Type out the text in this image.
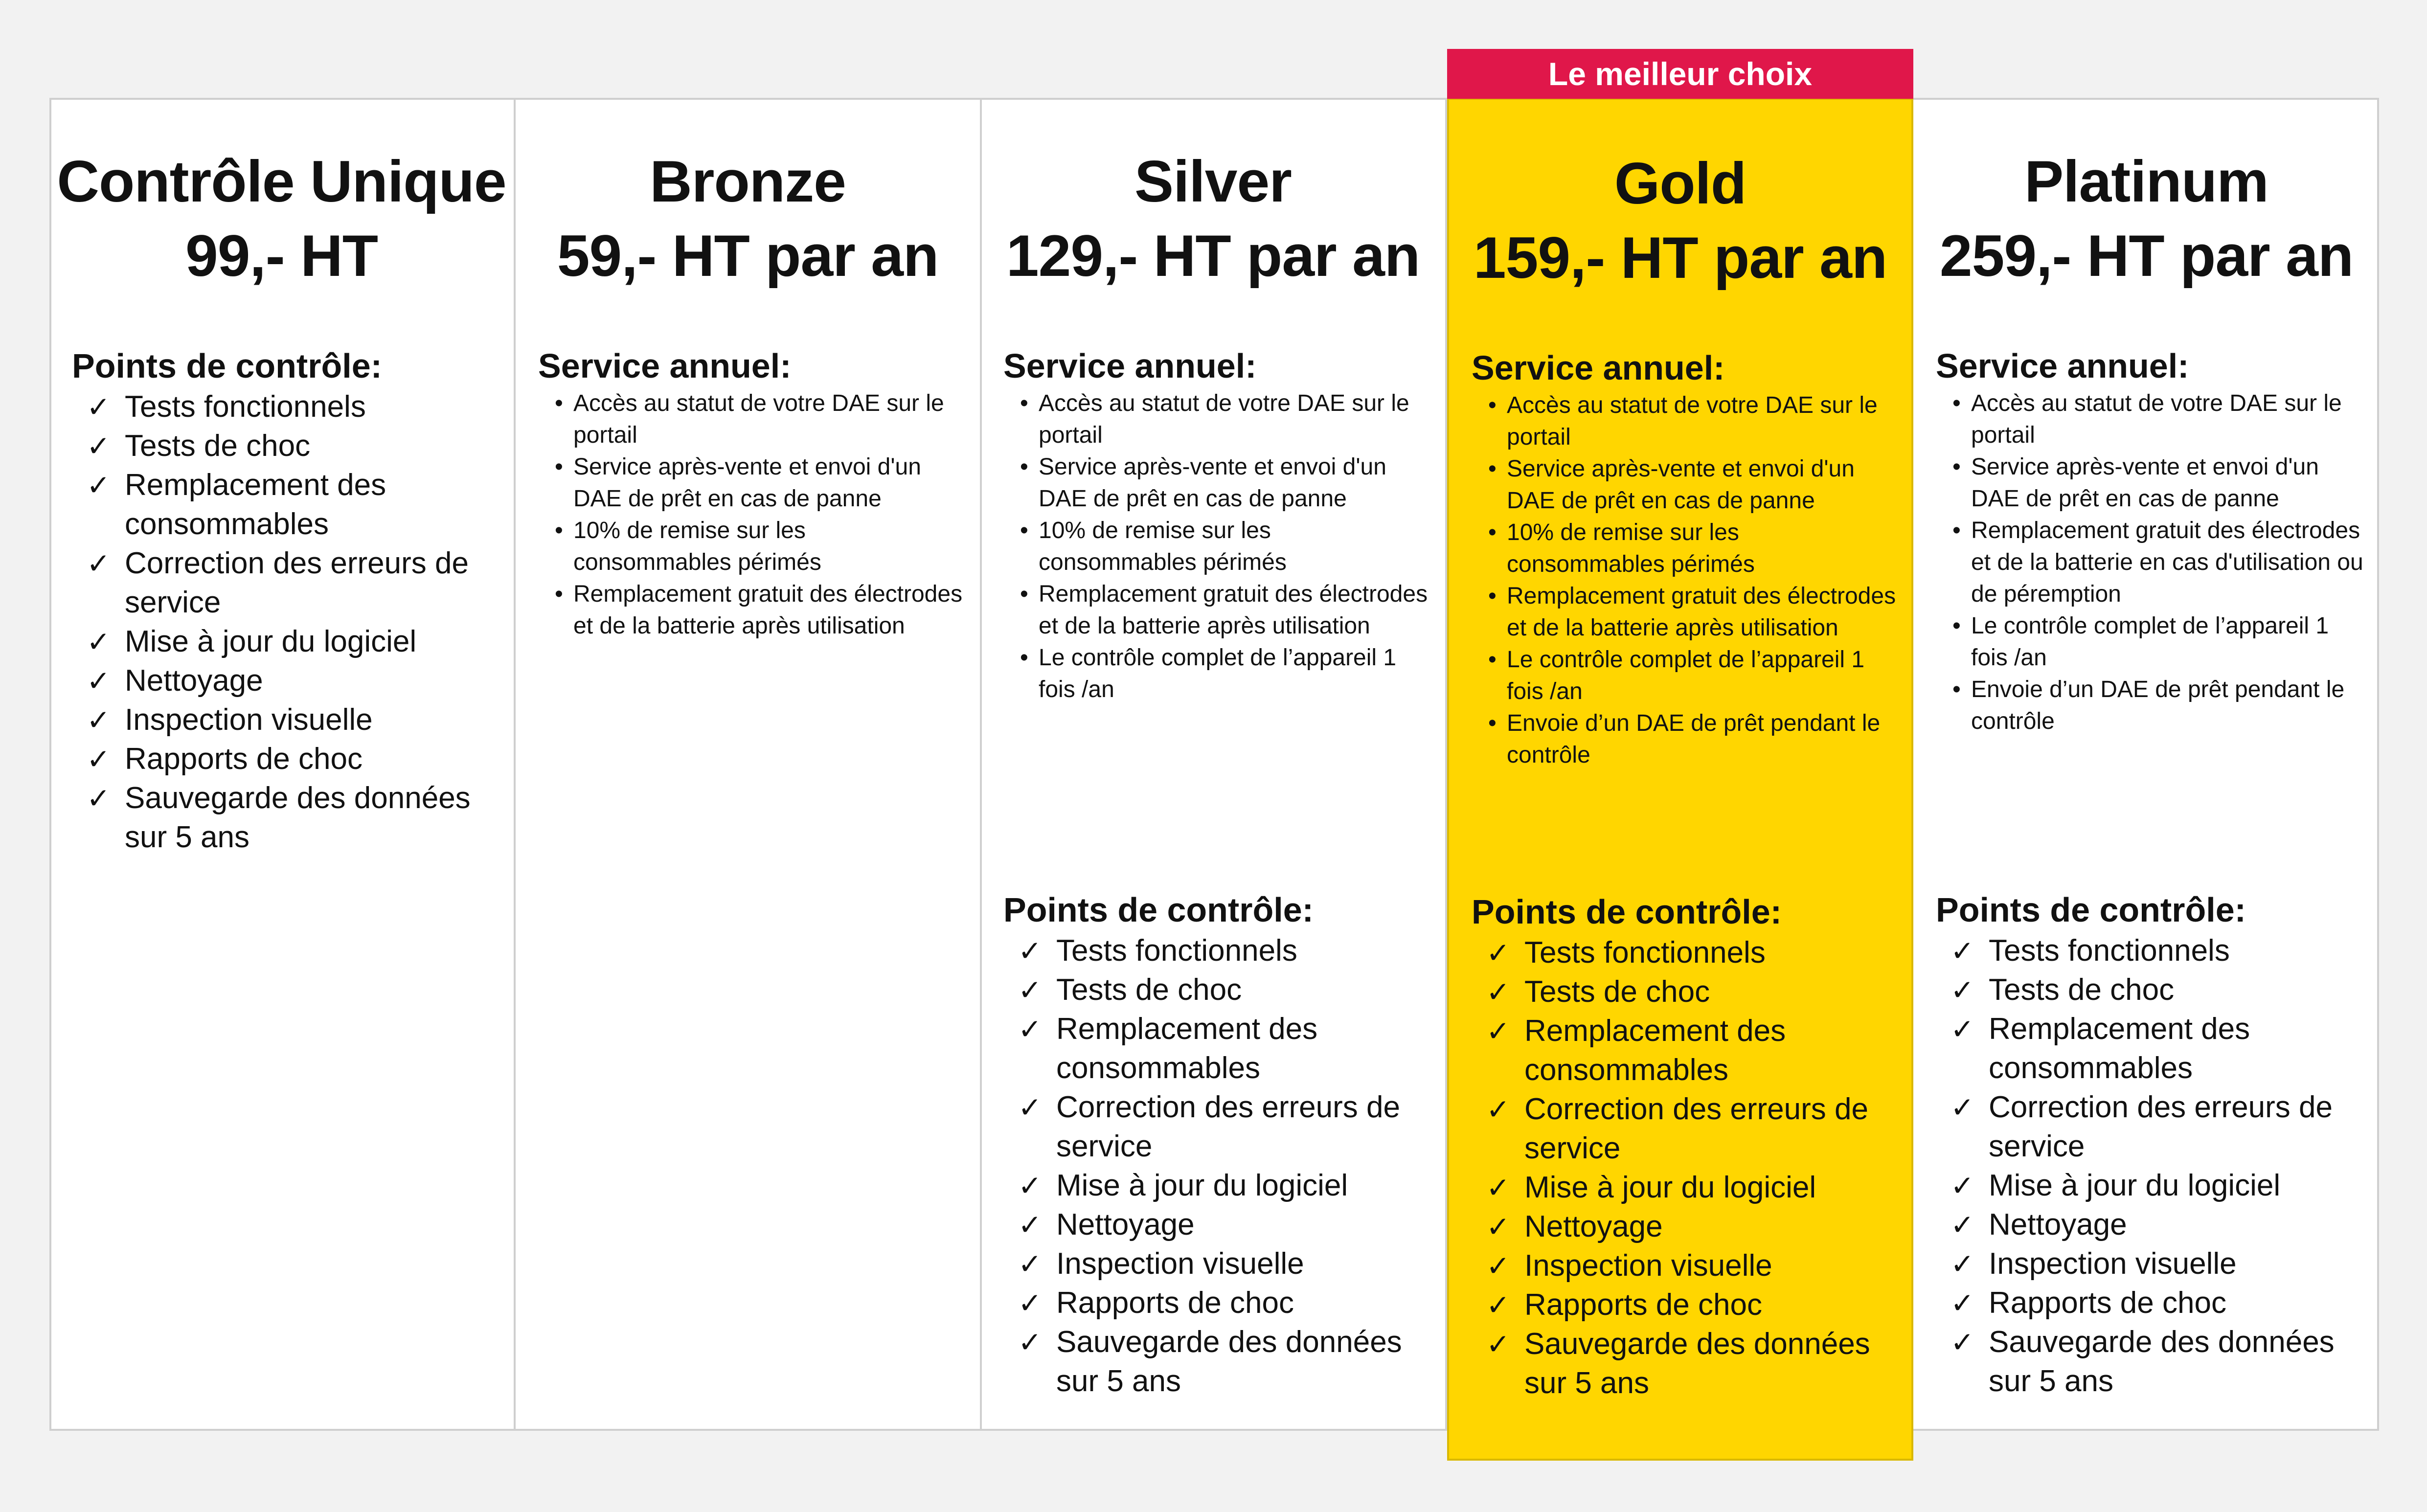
Contrôle Unique
99,- HT

Points de contrôle:

✓ Tests fonctionnels
✓ Tests de choc
✓ Remplacement des consommables
✓ Correction des erreurs de service
✓ Mise à jour du logiciel
✓ Nettoyage
✓ Inspection visuelle
✓ Rapports de choc
✓ Sauvegarde des données sur 5 ans
Bronze
59,- HT par an

Service annuel:

• Accès au statut de votre DAE sur le portail
• Service après-vente et envoi d'un DAE de prêt en cas de panne
• 10% de remise sur les consommables périmés
• Remplacement gratuit des électrodes et de la batterie après utilisation
Silver
129,- HT par an

Service annuel:

• Accès au statut de votre DAE sur le portail
• Service après-vente et envoi d'un DAE de prêt en cas de panne
• 10% de remise sur les consommables périmés
• Remplacement gratuit des électrodes et de la batterie après utilisation
• Le contrôle complet de l’appareil 1 fois /an

Points de contrôle:

✓ Tests fonctionnels
✓ Tests de choc
✓ Remplacement des consommables
✓ Correction des erreurs de service
✓ Mise à jour du logiciel
✓ Nettoyage
✓ Inspection visuelle
✓ Rapports de choc
✓ Sauvegarde des données sur 5 ans
Gold
159,- HT par an

Service annuel:

• Accès au statut de votre DAE sur le portail
• Service après-vente et envoi d'un DAE de prêt en cas de panne
• 10% de remise sur les consommables périmés
• Remplacement gratuit des électrodes et de la batterie après utilisation
• Le contrôle complet de l’appareil 1 fois /an
• Envoie d’un DAE de prêt pendant le contrôle

Points de contrôle:

✓ Tests fonctionnels
✓ Tests de choc
✓ Remplacement des consommables
✓ Correction des erreurs de service
✓ Mise à jour du logiciel
✓ Nettoyage
✓ Inspection visuelle
✓ Rapports de choc
✓ Sauvegarde des données sur 5 ans
Le meilleur choix
Platinum
259,- HT par an

Service annuel:

• Accès au statut de votre DAE sur le portail
• Service après-vente et envoi d'un DAE de prêt en cas de panne
• Remplacement gratuit des électrodes et de la batterie en cas d'utilisation ou de péremption
• Le contrôle complet de l’appareil 1 fois /an
• Envoie d’un DAE de prêt pendant le contrôle

Points de contrôle:

✓ Tests fonctionnels
✓ Tests de choc
✓ Remplacement des consommables
✓ Correction des erreurs de service
✓ Mise à jour du logiciel
✓ Nettoyage
✓ Inspection visuelle
✓ Rapports de choc
✓ Sauvegarde des données sur 5 ans
